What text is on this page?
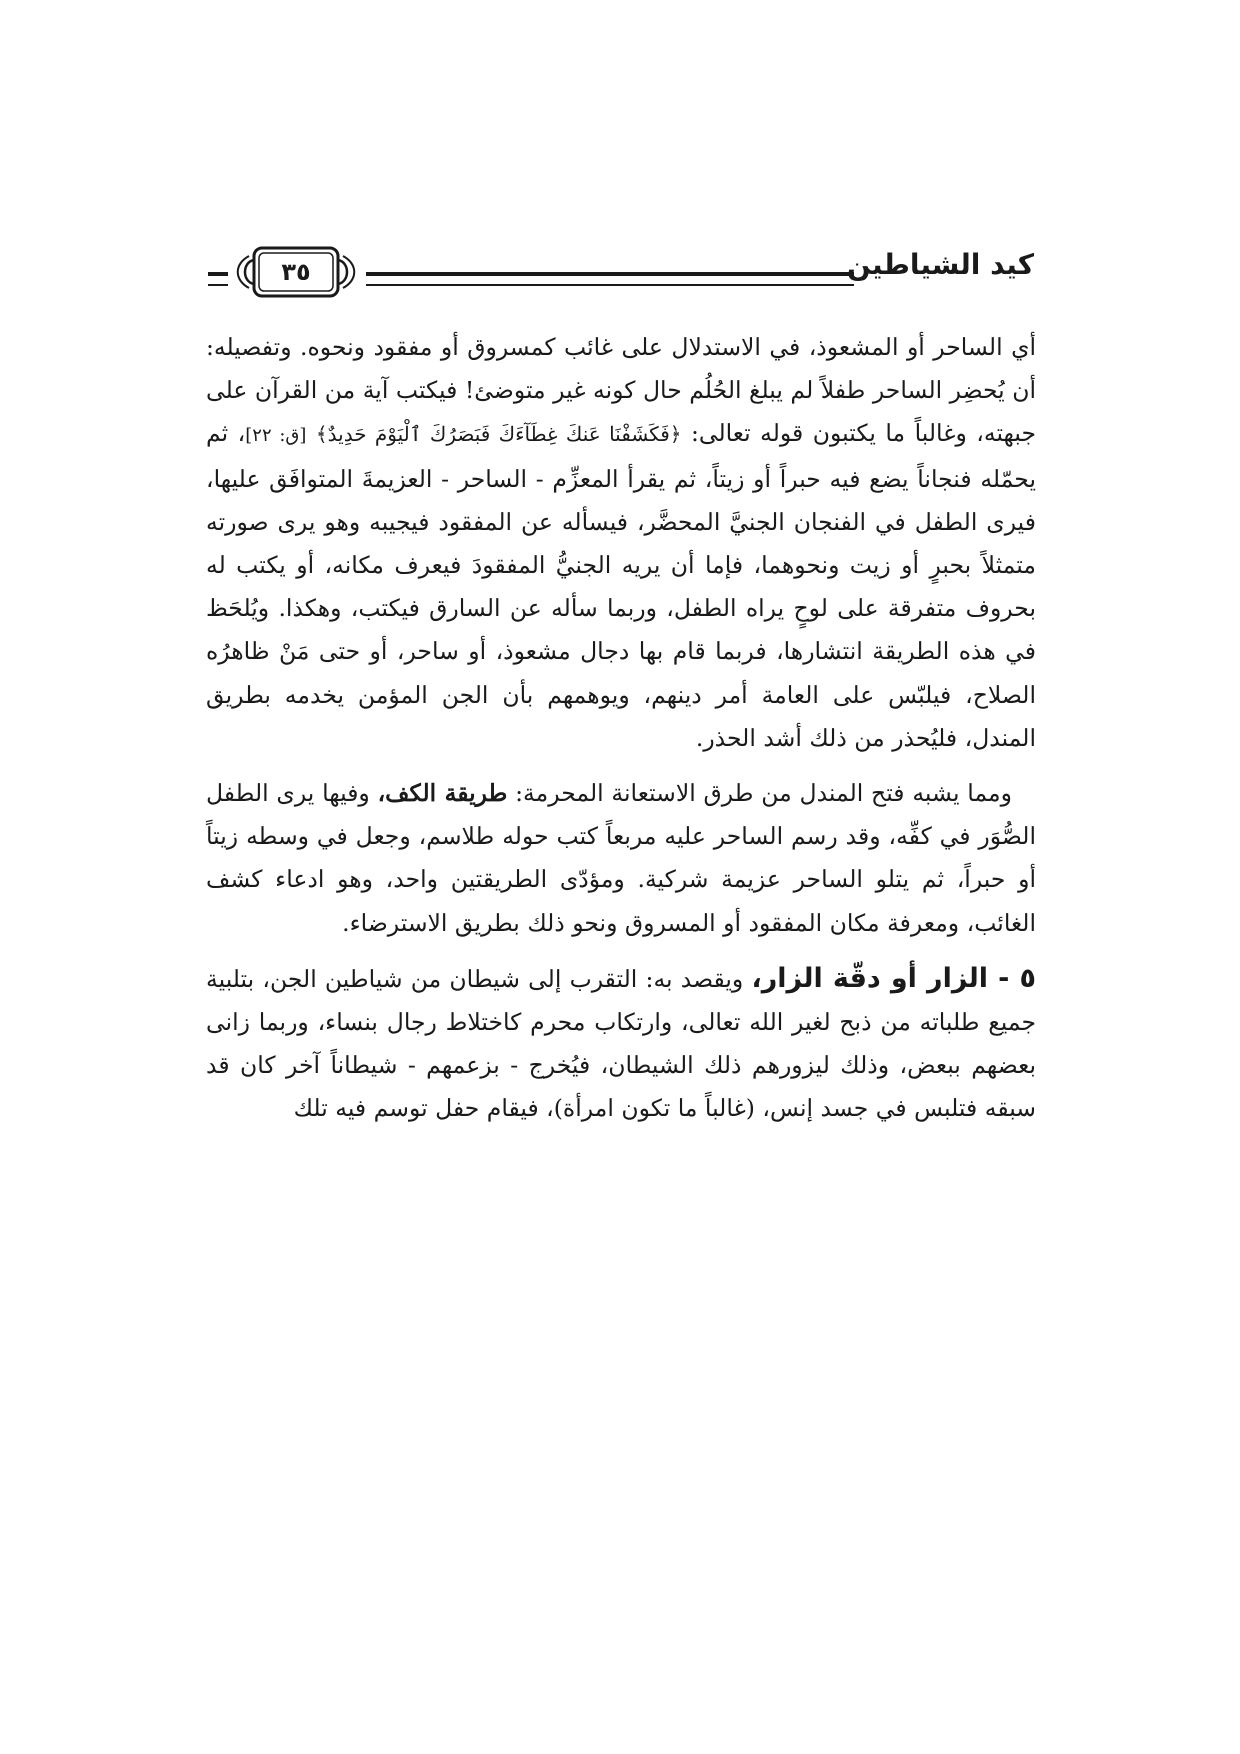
٣٥	كيد الشياطين

أي الساحر أو المشعوذ، في الاستدلال على غائب كمسروق أو مفقود ونحوه. وتفصيله: أن يُحضِر الساحر طفلاً لم يبلغ الحُلُم حال كونه غير متوضئ! فيكتب آية من القرآن على جبهته، وغالباً ما يكتبون قوله تعالى: ﴿فَكَشَفْنَا عَنكَ غِطَآءَكَ فَبَصَرُكَ ٱلْيَوْمَ حَدِيدٌ﴾ [ق: ٢٢]، ثم يحمّله فنجاناً يضع فيه حبراً أو زيتاً، ثم يقرأ المعزِّم - الساحر - العزيمةَ المتوافَق عليها، فيرى الطفل في الفنجان الجنيَّ المحضَّر، فيسأله عن المفقود فيجيبه وهو يرى صورته متمثلاً بحبرٍ أو زيت ونحوهما، فإما أن يريه الجنيُّ المفقودَ فيعرف مكانه، أو يكتب له بحروف متفرقة على لوحٍ يراه الطفل، وربما سأله عن السارق فيكتب، وهكذا. ويُلحَظ في هذه الطريقة انتشارها، فربما قام بها دجال مشعوذ، أو ساحر، أو حتى مَنْ ظاهرُه الصلاح، فيلبّس على العامة أمر دينهم، ويوهمهم بأن الجن المؤمن يخدمه بطريق المندل، فليُحذر من ذلك أشد الحذر.

ومما يشبه فتح المندل من طرق الاستعانة المحرمة: طريقة الكف، وفيها يرى الطفل الصُّوَر في كفِّه، وقد رسم الساحر عليه مربعاً كتب حوله طلاسم، وجعل في وسطه زيتاً أو حبراً، ثم يتلو الساحر عزيمة شركية. ومؤدّى الطريقتين واحد، وهو ادعاء كشف الغائب، ومعرفة مكان المفقود أو المسروق ونحو ذلك بطريق الاسترضاء.

٥ - الزار أو دقّة الزار، ويقصد به: التقرب إلى شيطان من شياطين الجن، بتلبية جميع طلباته من ذبح لغير الله تعالى، وارتكاب محرم كاختلاط رجال بنساء، وربما زانى بعضهم ببعض، وذلك ليزورهم ذلك الشيطان، فيُخرج - بزعمهم - شيطاناً آخر كان قد سبقه فتلبس في جسد إنس، (غالباً ما تكون امرأة)، فيقام حفل توسم فيه تلك
